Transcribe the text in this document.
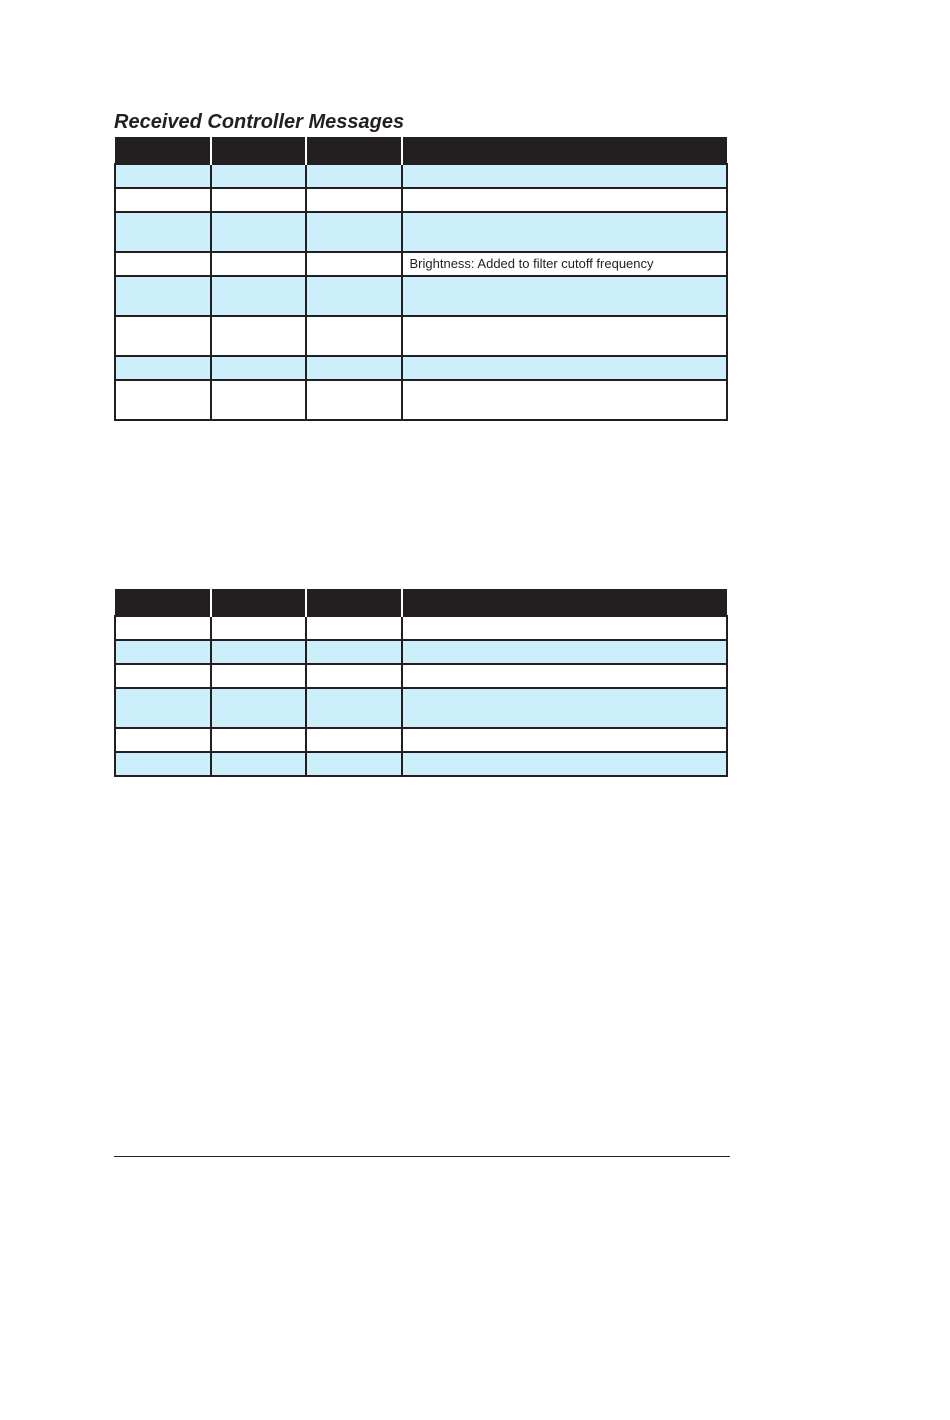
Received Controller Messages

			Brightness: Added to filter cutoff frequency
